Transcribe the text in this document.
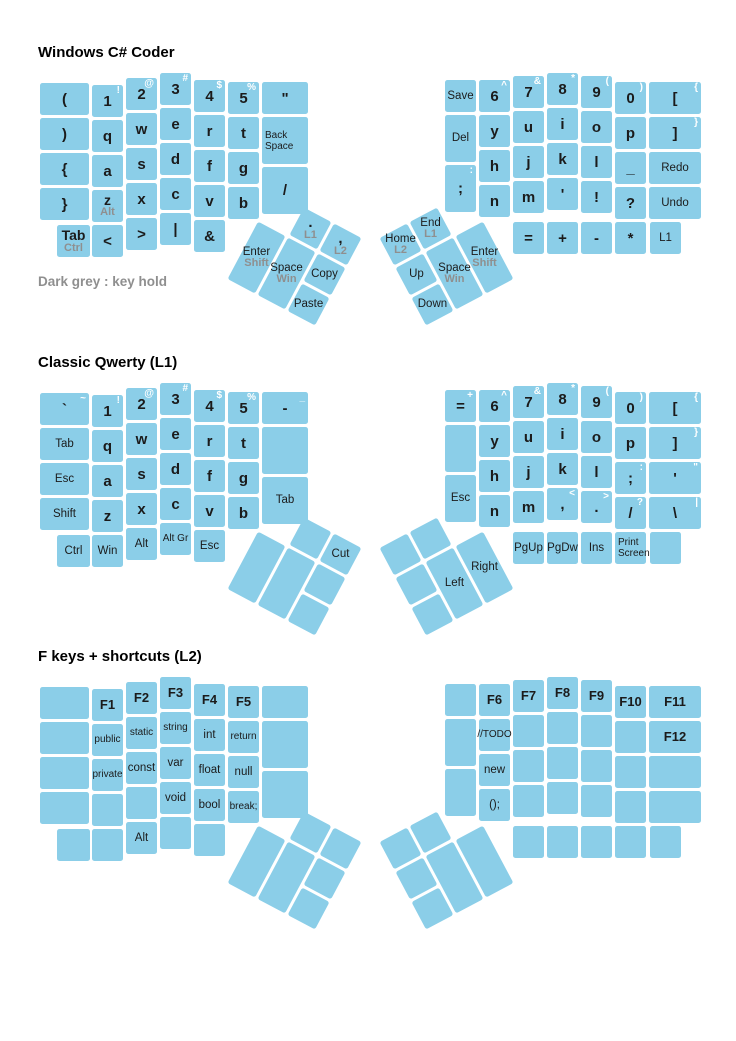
Windows C# Coder
Dark grey : key hold
(
)
{
}
!
1
q
a
z
Alt
@
2
w
s
x
#
3
e
d
c
$
4
r
f
v
%
5
t
g
b
"
Back Space
/
Tab
Ctrl < > | &
Save
Del
:
;
^
6
y
h
n
&
7
u
j
m
*
8
i
k
'
(
9
o
l
!
)
0
p
_
?
{
[
}
]
Redo
Undo
= + - * L1
.
L1 ,
L2
Enter
Shift Space
Win Copy
Paste
Home
L2
End
L1
Up
Down
Space
Win
Enter
Shift
Classic Qwerty (L1)
~
`
Tab
Esc
Shift
!
1
q
a
z
@
2
w
s
x
#
3
e
d
c
$
4
r
f
v
%
5
t
g
b
_
-
Tab
Ctrl Win
Alt Alt Gr
Esc
+
=
Esc
^
6
y
h
n
&
7
u
j
m
*
8
i
k
<
,
(
9
o
l
>
.
)
0
p
:
;
?
/
{
[
}
]
"
'
|
\
PgUp PgDw Ins	Print Screen
Cut
Left
Right
F keys + shortcuts (L2)
F1
public
private
F2
static
const
F3
string
var
void
F4
int
float
bool
F5
return
null
break;
Alt
F6
//TODO
new
();
F7 F8 F9 F10 F11
F12
